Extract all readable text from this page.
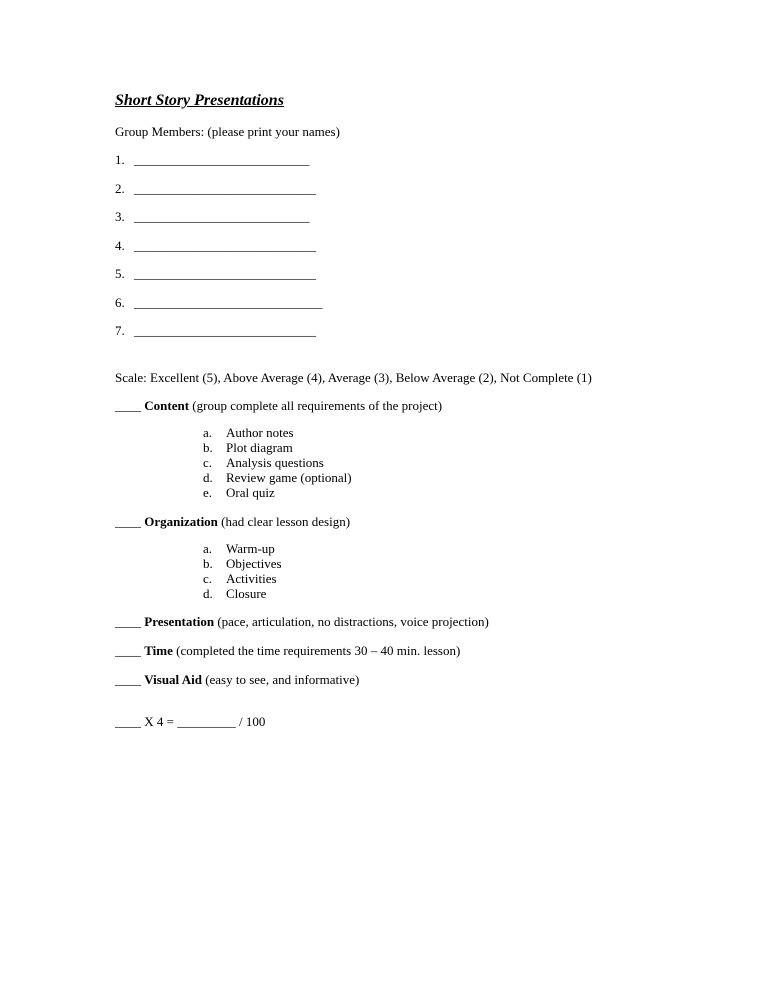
Short Story Presentations
Group Members: (please print your names)
1. ___________________________
2. ____________________________
3. ___________________________
4. ____________________________
5. ____________________________
6. _____________________________
7. ____________________________
Scale: Excellent (5), Above Average (4), Average (3), Below Average (2), Not Complete (1)
____ Content (group complete all requirements of the project)
a. Author notes
b. Plot diagram
c. Analysis questions
d. Review game (optional)
e. Oral quiz
____ Organization (had clear lesson design)
a. Warm-up
b. Objectives
c. Activities
d. Closure
____ Presentation (pace, articulation, no distractions, voice projection)
____ Time (completed the time requirements 30 – 40 min. lesson)
____ Visual Aid (easy to see, and informative)
____ X 4 = _________ / 100
